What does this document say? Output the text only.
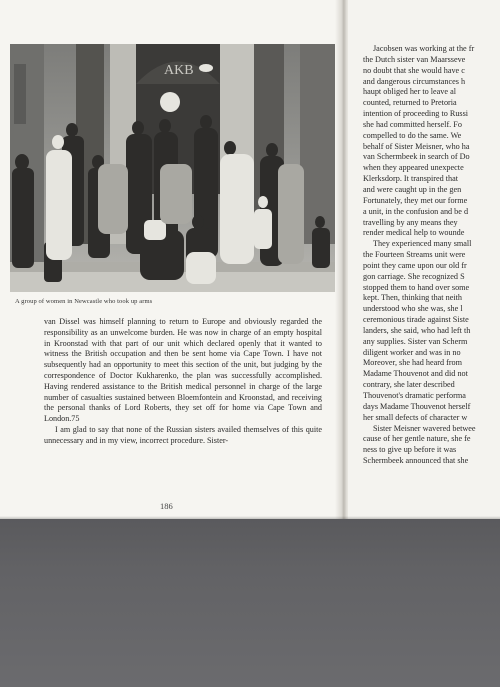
AKB
A group of women in Newcastle who took up arms

van Dissel was himself planning to return to Europe and obviously regarded the responsibility as an unwelcome burden. He was now in charge of an empty hospital in Kroonstad with that part of our unit which declared openly that it wanted to witness the British occupation and then be sent home via Cape Town. I have not subsequently had an opportunity to meet this section of the unit, but judging by the correspondence of Doctor Kukharenko, the plan was successfully accomplished. Having rendered assistance to the British medical personnel in charge of the large number of casualties sustained between Bloemfontein and Kroonstad, and receiving the personal thanks of Lord Roberts, they set off for home via Cape Town and London.75

I am glad to say that none of the Russian sisters availed themselves of this quite unnecessary and in my view, incorrect procedure. Sister-

186
Jacobsen was working at the fr
the Dutch sister van Maarsseve
no doubt that she would have c
and dangerous circumstances h
haupt obliged her to leave al
counted, returned to Pretoria
intention of proceeding to Russi
she had committed herself. Fo
compelled to do the same. We
behalf of Sister Meisner, who ha
van Schermbeek in search of Do
when they appeared unexpecte
Klerksdorp. It transpired that
and were caught up in the gen
Fortunately, they met our forme
a unit, in the confusion and be d
travelling by any means they
render medical help to wounde
They experienced many small
the Fourteen Streams unit were
point they came upon our old fr
gon carriage. She recognized S
stopped them to hand over some
kept. Then, thinking that neith
understood who she was, she l
ceremonious tirade against Siste
landers, she said, who had left th
any supplies. Sister van Scherm
diligent worker and was in no
Moreover, she had heard from
Madame Thouvenot and did not
contrary, she later described
Thouvenot's dramatic performa
days Madame Thouvenot herself
her small defects of character w
Sister Meisner wavered betwee
cause of her gentle nature, she fe
ness to give up before it was
Schermbeek announced that she
